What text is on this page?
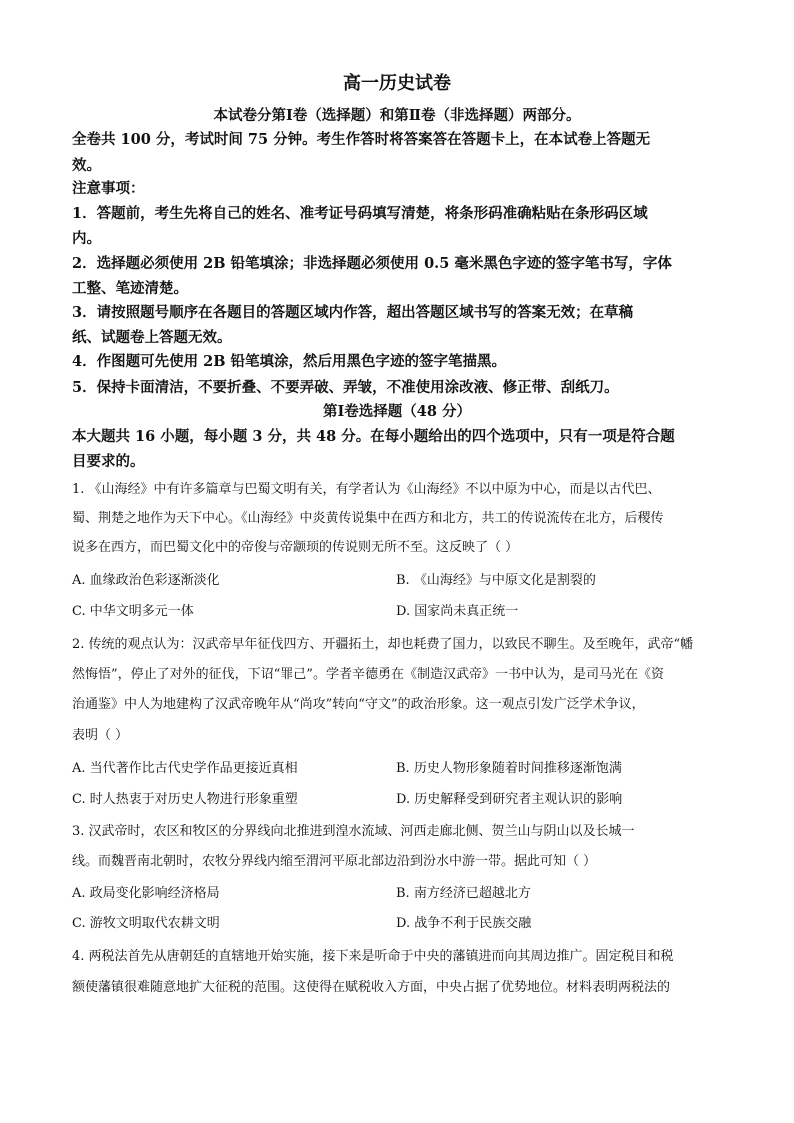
高一历史试卷
本试卷分第Ⅰ卷（选择题）和第Ⅱ卷（非选择题）两部分。
全卷共 100 分，考试时间 75 分钟。考生作答时将答案答在答题卡上，在本试卷上答题无
效。
注意事项：
1．答题前，考生先将自己的姓名、准考证号码填写清楚，将条形码准确粘贴在条形码区域
内。
2．选择题必须使用 2B 铅笔填涂；非选择题必须使用 0.5 毫米黑色字迹的签字笔书写，字体
工整、笔迹清楚。
3．请按照题号顺序在各题目的答题区域内作答，超出答题区域书写的答案无效；在草稿
纸、试题卷上答题无效。
4．作图题可先使用 2B 铅笔填涂，然后用黑色字迹的签字笔描黑。
5．保持卡面清洁，不要折叠、不要弄破、弄皱，不准使用涂改液、修正带、刮纸刀。
第Ⅰ卷选择题（48 分）
本大题共 16 小题，每小题 3 分，共 48 分。在每小题给出的四个选项中，只有一项是符合题
目要求的。
1. 《山海经》中有许多篇章与巴蜀文明有关，有学者认为《山海经》不以中原为中心，而是以古代巴、
蜀、荆楚之地作为天下中心。《山海经》中炎黄传说集中在西方和北方，共工的传说流传在北方，后稷传
说多在西方，而巴蜀文化中的帝俊与帝颛顼的传说则无所不至。这反映了（ ）
A. 血缘政治色彩逐渐淡化	B. 《山海经》与中原文化是割裂的
C. 中华文明多元一体	D. 国家尚未真正统一
2. 传统的观点认为：汉武帝早年征伐四方、开疆拓土，却也耗费了国力，以致民不聊生。及至晚年，武帝“幡
然悔悟”，停止了对外的征伐，下诏“罪己”。学者辛德勇在《制造汉武帝》一书中认为，是司马光在《资
治通鉴》中人为地建构了汉武帝晚年从“尚攻”转向“守文”的政治形象。这一观点引发广泛学术争议，
表明（ ）
A. 当代著作比古代史学作品更接近真相	B. 历史人物形象随着时间推移逐渐饱满
C. 时人热衷于对历史人物进行形象重塑	D. 历史解释受到研究者主观认识的影响
3. 汉武帝时，农区和牧区的分界线向北推进到湟水流域、河西走廊北侧、贺兰山与阴山以及长城一
线。而魏晋南北朝时，农牧分界线内缩至渭河平原北部边沿到汾水中游一带。据此可知（ ）
A. 政局变化影响经济格局	B. 南方经济已超越北方
C. 游牧文明取代农耕文明	D. 战争不利于民族交融
4. 两税法首先从唐朝廷的直辖地开始实施，接下来是听命于中央的藩镇进而向其周边推广。固定税目和税
额使藩镇很难随意地扩大征税的范围。这使得在赋税收入方面，中央占据了优势地位。材料表明两税法的
